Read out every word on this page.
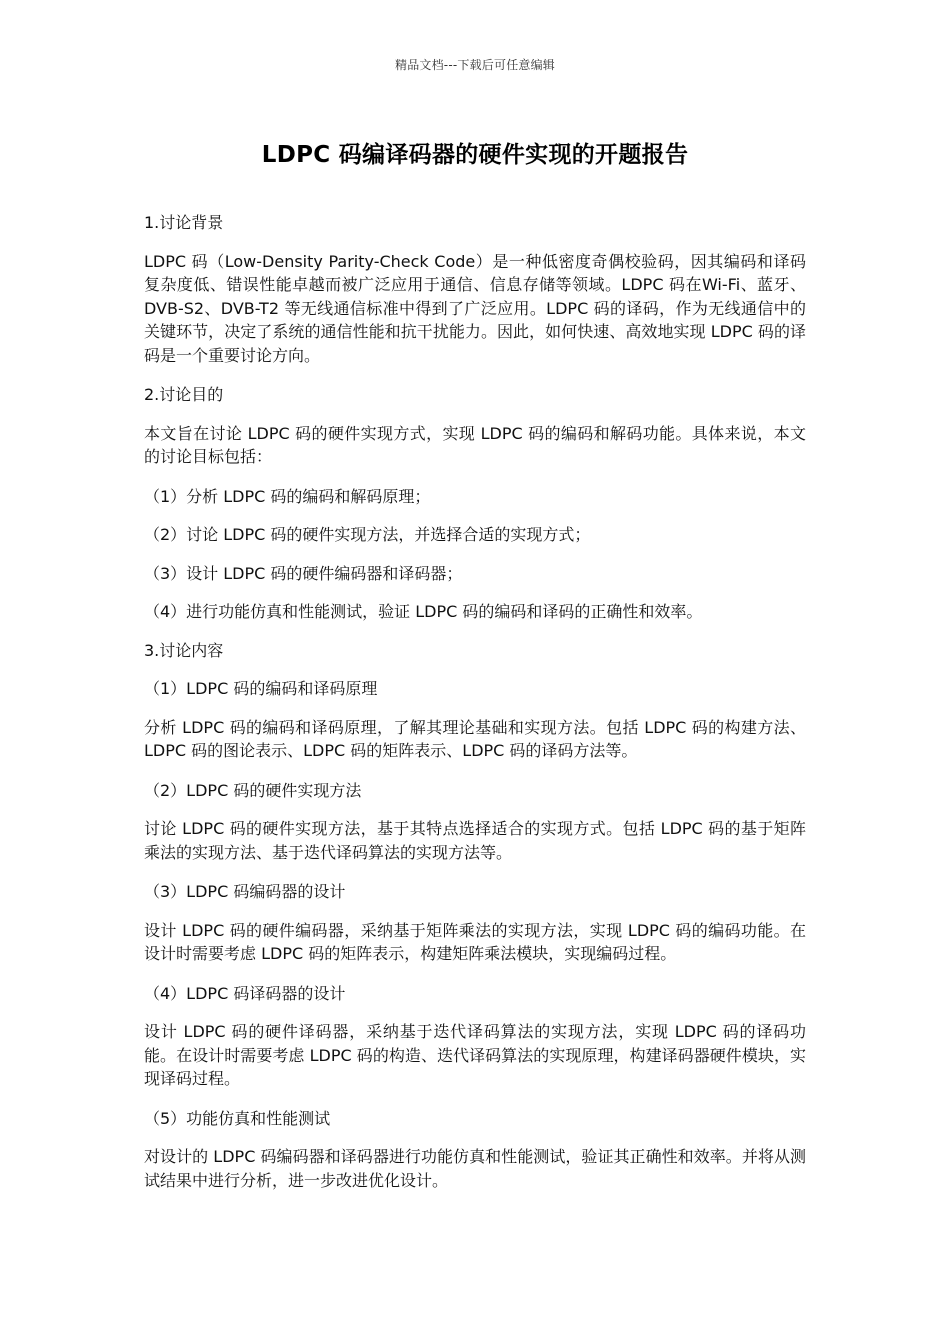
精品文档---下载后可任意编辑
LDPC 码编译码器的硬件实现的开题报告

1.讨论背景

LDPC 码（Low-Density Parity-Check Code）是一种低密度奇偶校验码，因其编码和译码复杂度低、错误性能卓越而被广泛应用于通信、信息存储等领域。LDPC 码在Wi-Fi、蓝牙、DVB-S2、DVB-T2 等无线通信标准中得到了广泛应用。LDPC 码的译码，作为无线通信中的关键环节，决定了系统的通信性能和抗干扰能力。因此，如何快速、高效地实现 LDPC 码的译码是一个重要讨论方向。

2.讨论目的

本文旨在讨论 LDPC 码的硬件实现方式，实现 LDPC 码的编码和解码功能。具体来说，本文的讨论目标包括：

（1）分析 LDPC 码的编码和解码原理；

（2）讨论 LDPC 码的硬件实现方法，并选择合适的实现方式；

（3）设计 LDPC 码的硬件编码器和译码器；

（4）进行功能仿真和性能测试，验证 LDPC 码的编码和译码的正确性和效率。

3.讨论内容

（1）LDPC 码的编码和译码原理

分析 LDPC 码的编码和译码原理，了解其理论基础和实现方法。包括 LDPC 码的构建方法、LDPC 码的图论表示、LDPC 码的矩阵表示、LDPC 码的译码方法等。

（2）LDPC 码的硬件实现方法

讨论 LDPC 码的硬件实现方法，基于其特点选择适合的实现方式。包括 LDPC 码的基于矩阵乘法的实现方法、基于迭代译码算法的实现方法等。

（3）LDPC 码编码器的设计

设计 LDPC 码的硬件编码器，采纳基于矩阵乘法的实现方法，实现 LDPC 码的编码功能。在设计时需要考虑 LDPC 码的矩阵表示，构建矩阵乘法模块，实现编码过程。

（4）LDPC 码译码器的设计

设计 LDPC 码的硬件译码器，采纳基于迭代译码算法的实现方法，实现 LDPC 码的译码功能。在设计时需要考虑 LDPC 码的构造、迭代译码算法的实现原理，构建译码器硬件模块，实现译码过程。

（5）功能仿真和性能测试

对设计的 LDPC 码编码器和译码器进行功能仿真和性能测试，验证其正确性和效率。并将从测试结果中进行分析，进一步改进优化设计。
